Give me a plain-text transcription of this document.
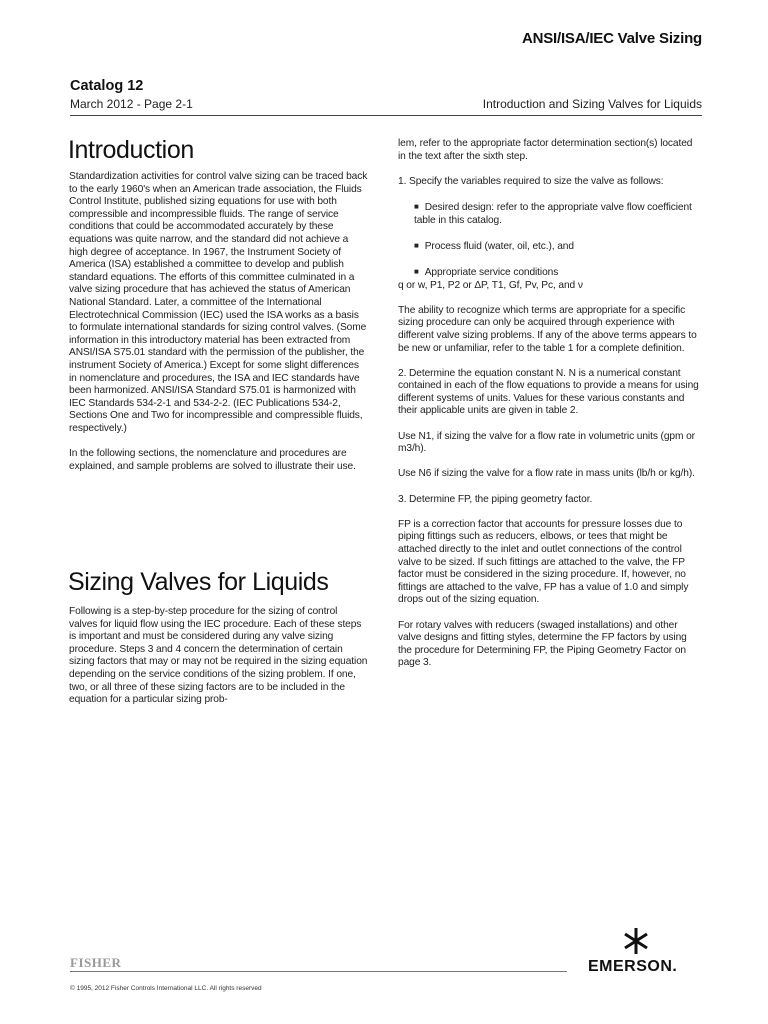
ANSI/ISA/IEC Valve Sizing
Catalog 12
March 2012 - Page 2-1	Introduction and Sizing Valves for Liquids
Introduction

Standardization activities for control valve sizing can be traced back to the early 1960's when an American trade association, the Fluids Control Institute, published sizing equations for use with both compressible and incompressible fluids. The range of service conditions that could be accommodated accurately by these equations was quite narrow, and the standard did not achieve a high degree of acceptance. In 1967, the Instrument Society of America (ISA) established a committee to develop and publish standard equations. The efforts of this committee culminated in a valve sizing procedure that has achieved the status of American National Standard. Later, a committee of the International Electrotechnical Commission (IEC) used the ISA works as a basis to formulate international standards for sizing control valves. (Some information in this introductory material has been extracted from ANSI/ISA S75.01 standard with the permission of the publisher, the instrument Society of America.) Except for some slight differences in nomenclature and procedures, the ISA and IEC standards have been harmonized. ANSI/ISA Standard S75.01 is harmonized with IEC Standards 534-2-1 and 534-2-2. (IEC Publications 534-2, Sections One and Two for incompressible and compressible fluids, respectively.)

In the following sections, the nomenclature and procedures are explained, and sample problems are solved to illustrate their use.

Sizing Valves for Liquids

Following is a step-by-step procedure for the sizing of control valves for liquid flow using the IEC procedure. Each of these steps is important and must be considered during any valve sizing procedure. Steps 3 and 4 concern the determination of certain sizing factors that may or may not be required in the sizing equation depending on the service conditions of the sizing problem. If one, two, or all three of these sizing factors are to be included in the equation for a particular sizing prob-

lem, refer to the appropriate factor determination section(s) located in the text after the sixth step.

1. Specify the variables required to size the valve as follows:

■ Desired design: refer to the appropriate valve flow coefficient table in this catalog.

■ Process fluid (water, oil, etc.), and

■ Appropriate service conditions

q or w, P1, P2 or ΔP, T1, Gf, Pv, Pc, and ν

The ability to recognize which terms are appropriate for a specific sizing procedure can only be acquired through experience with different valve sizing problems. If any of the above terms appears to be new or unfamiliar, refer to the table 1 for a complete definition.

2. Determine the equation constant N. N is a numerical constant contained in each of the flow equations to provide a means for using different systems of units. Values for these various constants and their applicable units are given in table 2.

Use N1, if sizing the valve for a flow rate in volumetric units (gpm or m3/h).

Use N6 if sizing the valve for a flow rate in mass units (lb/h or kg/h).

3. Determine FP, the piping geometry factor.

FP is a correction factor that accounts for pressure losses due to piping fittings such as reducers, elbows, or tees that might be attached directly to the inlet and outlet connections of the control valve to be sized. If such fittings are attached to the valve, the FP factor must be considered in the sizing procedure. If, however, no fittings are attached to the valve, FP has a value of 1.0 and simply drops out of the sizing equation.

For rotary valves with reducers (swaged installations) and other valve designs and fitting styles, determine the FP factors by using the procedure for Determining FP, the Piping Geometry Factor on page 3.

FISHER	EMERSON.
© 1995, 2012 Fisher Controls International LLC. All rights reserved
